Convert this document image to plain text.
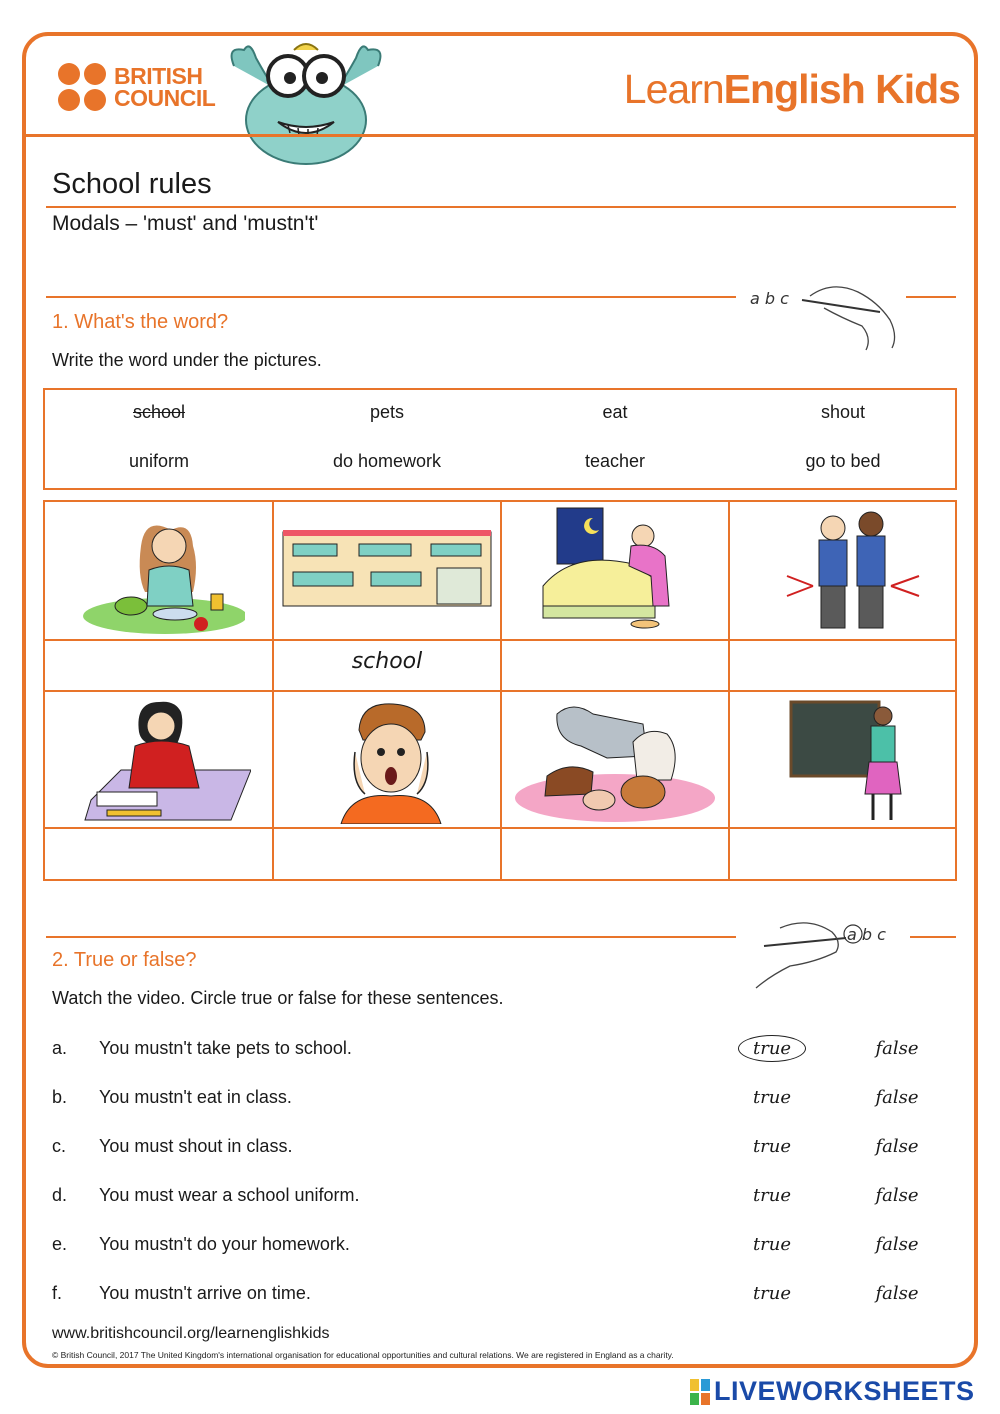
BRITISH
COUNCIL	LearnEnglish Kids
School rules
Modals – 'must' and 'mustn't'
a b c
1. What's the word?
Write the word under the pictures.
school	pets	eat	shout
uniform	do homework	teacher	go to bed
school
a b c
2. True or false?
Watch the video. Circle true or false for these sentences.
a. You mustn't take pets to school.	true	false
b. You mustn't eat in class.	true	false
c. You must shout in class.	true	false
d. You must wear a school uniform.	true	false
e. You mustn't do your homework.	true	false
f. You mustn't arrive on time.	true	false
www.britishcouncil.org/learnenglishkids
© British Council, 2017 The United Kingdom's international organisation for educational opportunities and cultural relations. We are registered in England as a charity.
LIVEWORKSHEETS
